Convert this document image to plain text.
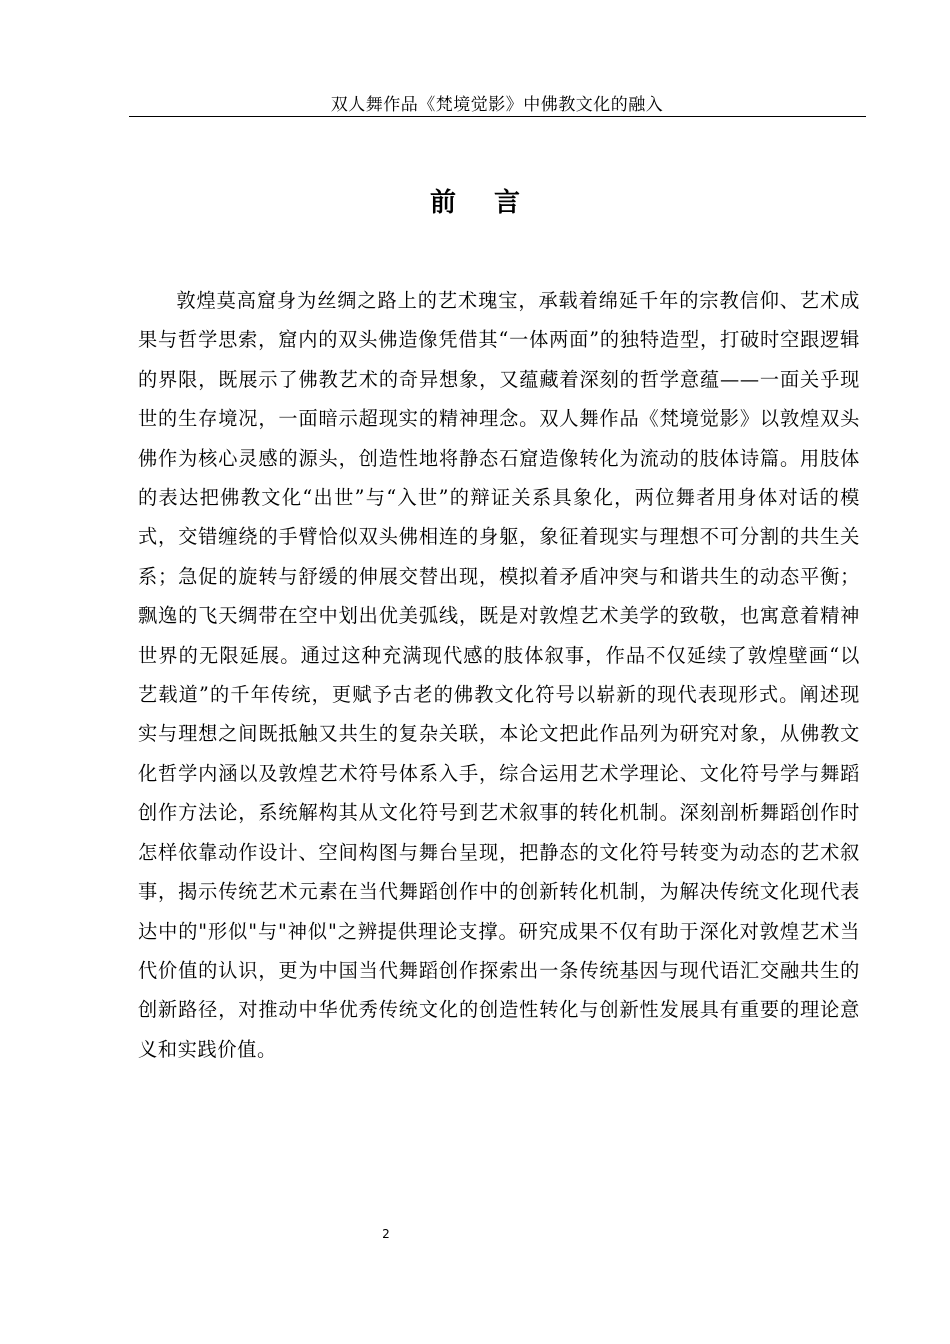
双人舞作品《梵境觉影》中佛教文化的融入
前 言

敦煌莫高窟身为丝绸之路上的艺术瑰宝，承载着绵延千年的宗教信仰、艺术成果与哲学思索，窟内的双头佛造像凭借其“一体两面”的独特造型，打破时空跟逻辑的界限，既展示了佛教艺术的奇异想象，又蕴藏着深刻的哲学意蕴——一面关乎现世的生存境况，一面暗示超现实的精神理念。双人舞作品《梵境觉影》以敦煌双头佛作为核心灵感的源头，创造性地将静态石窟造像转化为流动的肢体诗篇。用肢体的表达把佛教文化“出世”与“入世”的辩证关系具象化，两位舞者用身体对话的模式，交错缠绕的手臂恰似双头佛相连的身躯，象征着现实与理想不可分割的共生关系；急促的旋转与舒缓的伸展交替出现，模拟着矛盾冲突与和谐共生的动态平衡；飘逸的飞天绸带在空中划出优美弧线，既是对敦煌艺术美学的致敬，也寓意着精神世界的无限延展。通过这种充满现代感的肢体叙事，作品不仅延续了敦煌壁画“以艺载道”的千年传统，更赋予古老的佛教文化符号以崭新的现代表现形式。阐述现实与理想之间既抵触又共生的复杂关联，本论文把此作品列为研究对象，从佛教文化哲学内涵以及敦煌艺术符号体系入手，综合运用艺术学理论、文化符号学与舞蹈创作方法论，系统解构其从文化符号到艺术叙事的转化机制。深刻剖析舞蹈创作时怎样依靠动作设计、空间构图与舞台呈现，把静态的文化符号转变为动态的艺术叙事，揭示传统艺术元素在当代舞蹈创作中的创新转化机制，为解决传统文化现代表达中的"形似"与"神似"之辨提供理论支撑。研究成果不仅有助于深化对敦煌艺术当代价值的认识，更为中国当代舞蹈创作探索出一条传统基因与现代语汇交融共生的创新路径，对推动中华优秀传统文化的创造性转化与创新性发展具有重要的理论意义和实践价值。

2
